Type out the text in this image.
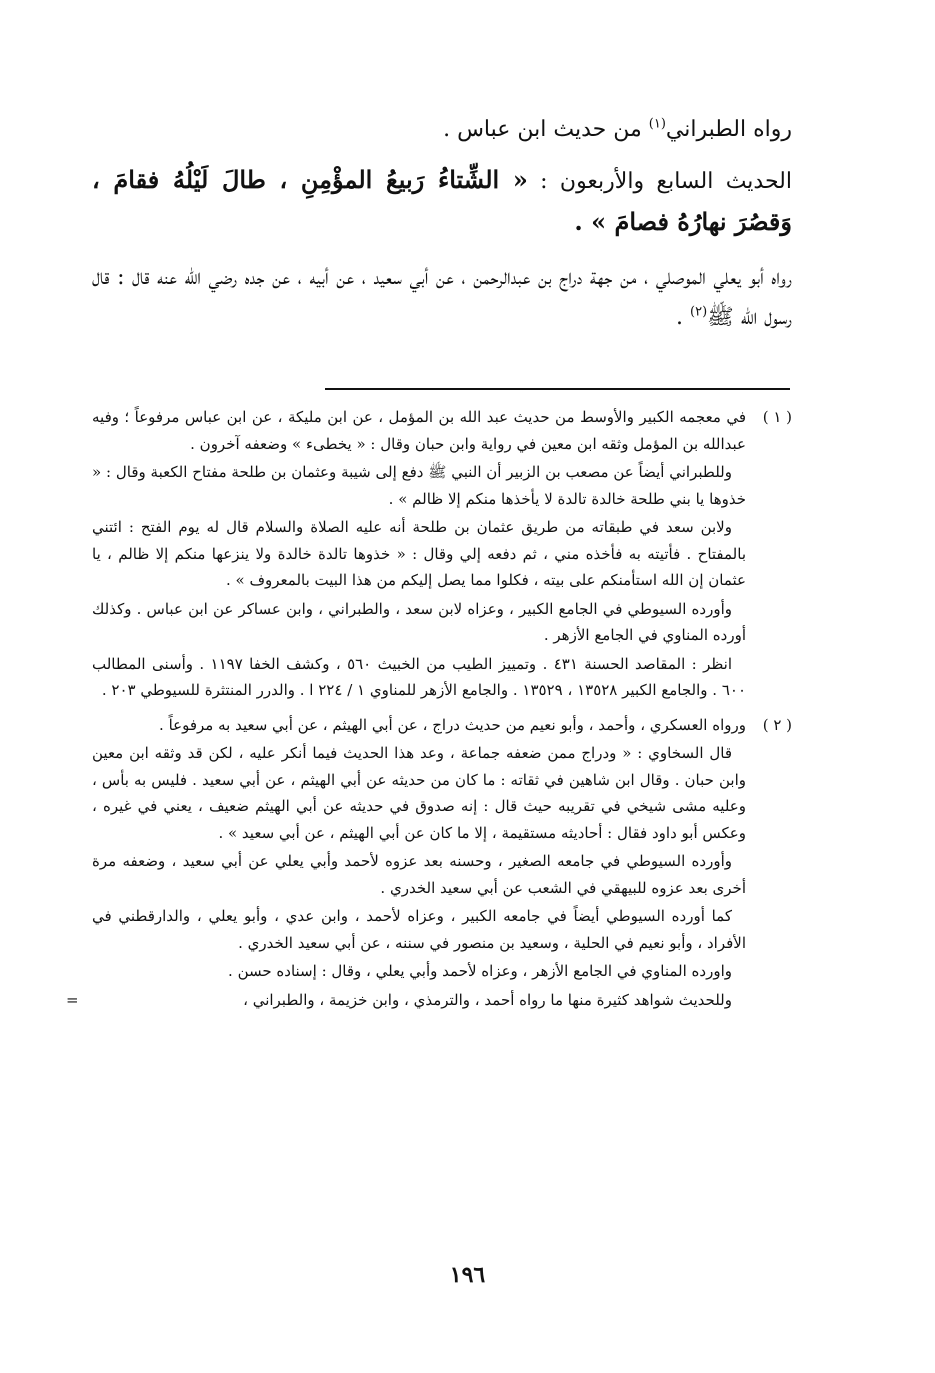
رواه الطبراني$^{(١)}$ من حديث ابن عباس .

الحديث السابع والأربعون : « الشِّتاءُ رَبيعُ المؤْمِنِ ، طالَ لَيْلُهُ فقامَ ، وَقصُرَ نهارُهُ فصامَ » .

رواه أبو يعلي الموصلي ، من جهة دراج بن عبدالرحمن ، عن أبي سعيد ، عن أبيه ، عن جده رضي الله عنه قال : قال رسول الله ﷺ$^{(٢)}$ .

( ١ )

في معجمه الكبير والأوسط من حديث عبد الله بن المؤمل ، عن ابن مليكة ، عن ابن عباس مرفوعاً ؛ وفيه عبدالله بن المؤمل وثقه ابن معين في رواية وابن حبان وقال : « يخطىء » وضعفه آخرون .

وللطبراني أيضاً عن مصعب بن الزبير أن النبي ﷺ دفع إلى شيبة وعثمان بن طلحة مفتاح الكعبة وقال : « خذوها يا بني طلحة خالدة تالدة لا يأخذها منكم إلا ظالم » .

ولابن سعد في طبقاته من طريق عثمان بن طلحة أنه عليه الصلاة والسلام قال له يوم الفتح : ائتني بالمفتاح . فأتيته به فأخذه مني ، ثم دفعه إلي وقال : « خذوها تالدة خالدة ولا ينزعها منكم إلا ظالم ، يا عثمان إن الله استأمنكم على بيته ، فكلوا مما يصل إليكم من هذا البيت بالمعروف » .

وأورده السيوطي في الجامع الكبير ، وعزاه لابن سعد ، والطبراني ، وابن عساكر عن ابن عباس . وكذلك أورده المناوي في الجامع الأزهر .

انظر : المقاصد الحسنة ٤٣١ . وتمييز الطيب من الخبيث ٥٦٠ ، وكشف الخفا ١١٩٧ . وأسنى المطالب ٦٠٠ . والجامع الكبير ١٣٥٢٨ ، ١٣٥٢٩ . والجامع الأزهر للمناوي ١ / ٢٢٤ ا . والدرر المنتثرة للسيوطي ٢٠٣ .

( ٢ )

ورواه العسكري ، وأحمد ، وأبو نعيم من حديث دراج ، عن أبي الهيثم ، عن أبي سعيد به مرفوعاً .

قال السخاوي : « ودراج ممن ضعفه جماعة ، وعد هذا الحديث فيما أنكر عليه ، لكن قد وثقه ابن معين وابن حبان . وقال ابن شاهين في ثقاته : ما كان من حديثه عن أبي الهيثم ، عن أبي سعيد . فليس به بأس ، وعليه مشى شيخي في تقريبه حيث قال : إنه صدوق في حديثه عن أبي الهيثم ضعيف ، يعني في غيره ، وعكس أبو داود فقال : أحاديثه مستقيمة ، إلا ما كان عن أبي الهيثم ، عن أبي سعيد » .

وأورده السيوطي في جامعه الصغير ، وحسنه بعد عزوه لأحمد وأبي يعلي عن أبي سعيد ، وضعفه مرة أخرى بعد عزوه للبيهقي في الشعب عن أبي سعيد الخدري .

كما أورده السيوطي أيضاً في جامعه الكبير ، وعزاه لأحمد ، وابن عدي ، وأبو يعلي ، والدارقطني في الأفراد ، وأبو نعيم في الحلية ، وسعيد بن منصور في سننه ، عن أبي سعيد الخدري .

واورده المناوي في الجامع الأزهر ، وعزاه لأحمد وأبي يعلي ، وقال : إسناده حسن .

وللحديث شواهد كثيرة منها ما رواه أحمد ، والترمذي ، وابن خزيمة ، والطبراني ،

=
١٩٦
